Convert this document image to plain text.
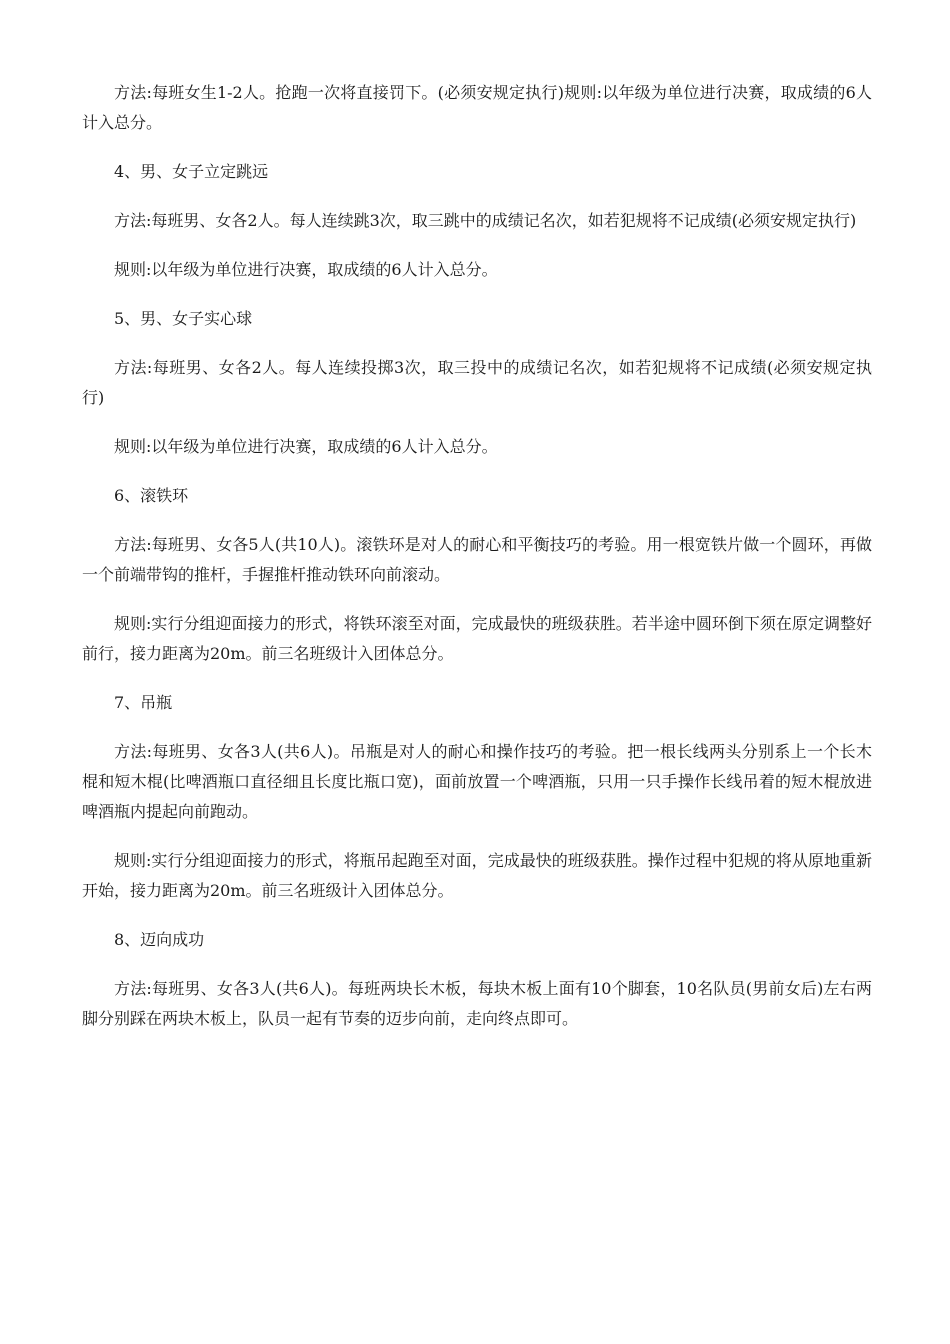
方法:每班女生1-2人。抢跑一次将直接罚下。(必须安规定执行)规则:以年级为单位进行决赛，取成绩的6人计入总分。

4、男、女子立定跳远

方法:每班男、女各2人。每人连续跳3次，取三跳中的成绩记名次，如若犯规将不记成绩(必须安规定执行)

规则:以年级为单位进行决赛，取成绩的6人计入总分。

5、男、女子实心球

方法:每班男、女各2人。每人连续投掷3次，取三投中的成绩记名次，如若犯规将不记成绩(必须安规定执行)

规则:以年级为单位进行决赛，取成绩的6人计入总分。

6、滚铁环

方法:每班男、女各5人(共10人)。滚铁环是对人的耐心和平衡技巧的考验。用一根宽铁片做一个圆环，再做一个前端带钩的推杆，手握推杆推动铁环向前滚动。

规则:实行分组迎面接力的形式，将铁环滚至对面，完成最快的班级获胜。若半途中圆环倒下须在原定调整好前行，接力距离为20m。前三名班级计入团体总分。

7、吊瓶

方法:每班男、女各3人(共6人)。吊瓶是对人的耐心和操作技巧的考验。把一根长线两头分别系上一个长木棍和短木棍(比啤酒瓶口直径细且长度比瓶口宽)，面前放置一个啤酒瓶，只用一只手操作长线吊着的短木棍放进啤酒瓶内提起向前跑动。

规则:实行分组迎面接力的形式，将瓶吊起跑至对面，完成最快的班级获胜。操作过程中犯规的将从原地重新开始，接力距离为20m。前三名班级计入团体总分。

8、迈向成功

方法:每班男、女各3人(共6人)。每班两块长木板，每块木板上面有10个脚套，10名队员(男前女后)左右两脚分别踩在两块木板上，队员一起有节奏的迈步向前，走向终点即可。
